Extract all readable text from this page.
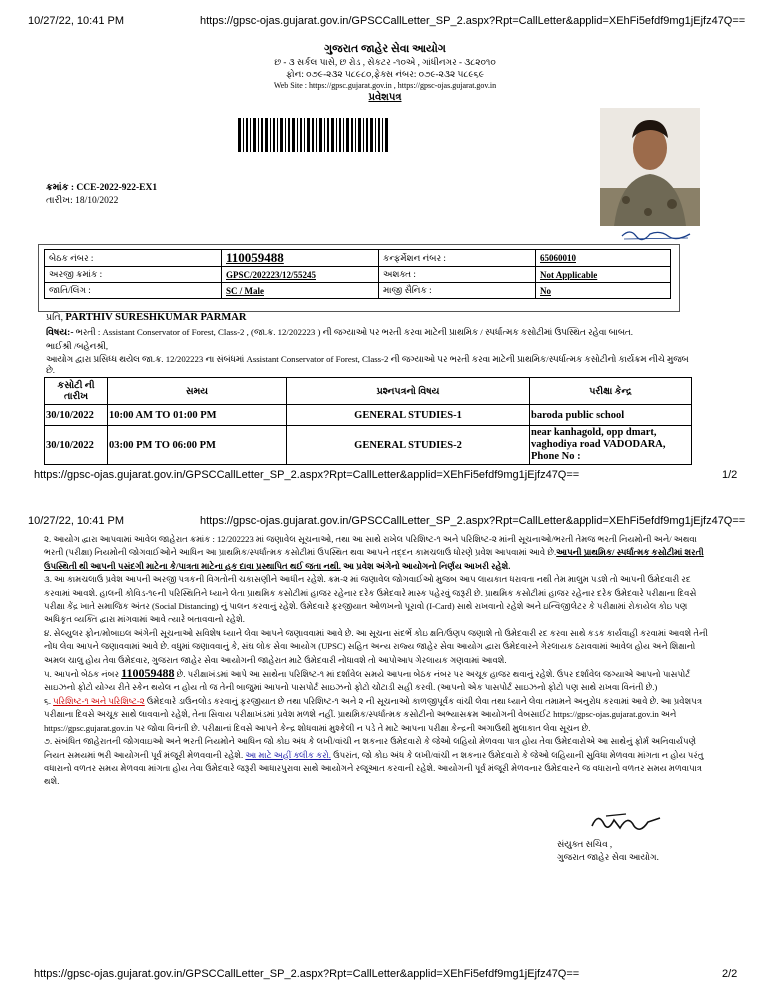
10/27/22, 10:41 PM	https://gpsc-ojas.gujarat.gov.in/GPSCCallLetter_SP_2.aspx?Rpt=CallLetter&applid=XEhFi5efdf9mg1jEjfz47Q==
ગુજરાત જાહેર સેવા આયોગ
છ - ૩ સર્કલ પાસે, છ રોડ , સેકટર -૧૦એ , ગાંધીનગર - ૩૮૨૦૧૦
ફોન: ૦૭૯-૨૩૨ ૫૮૯૮૦,ફેક્સ નંબર: ૦૭૯-૨૩૨ ૫૮૯૬૯
Web Site : https://gpsc.gujarat.gov.in , https://gpsc-ojas.gujarat.gov.in
પ્રવેશપત્ર
ક્રમાંક : CCE-2022-922-EX1
તારીખ: 18/10/2022
બેઠક નંબર :	110059488	કન્ફર્મેશન નંબર :	65060010
અરજી ક્રમાંક :	GPSC/202223/12/55245	અશક્ત :	Not Applicable
જાતિ/લિંગ :	SC / Male	માજી સૈનિક :	No
પ્રતિ, PARTHIV SURESHKUMAR PARMAR
વિષય:- ભરતી : Assistant Conservator of Forest, Class-2 , (જા.ક્ર. 12/202223 ) ની જગ્યાઓ પર ભરતી કરવા માટેની પ્રાથમિક / સ્પર્ધાત્મક કસોટીમાં ઉપસ્થિત રહેવા બાબત.
ભાઈશ્રી /બહેનશ્રી,
આયોગ દ્વારા પ્રસિધ્ધ થયેલ જા.ક્ર. 12/202223 ના સંબંધમાં Assistant Conservator of Forest, Class-2 ની જગ્યાઓ પર ભરતી કરવા માટેની પ્રાથમિક/સ્પર્ધાત્મક કસોટીનો કાર્યક્રમ નીચે મુજબ છે.
કસોટી ની તારીખ	સમય	પ્રશ્નપત્રનો વિષય	પરીક્ષા કેન્દ્ર
30/10/2022	10:00 AM TO 01:00 PM	GENERAL STUDIES-1	baroda public school
30/10/2022	03:00 PM TO 06:00 PM	GENERAL STUDIES-2	near kanhagold, opp dmart, vaghodiya road VADODARA, Phone No :
https://gpsc-ojas.gujarat.gov.in/GPSCCallLetter_SP_2.aspx?Rpt=CallLetter&applid=XEhFi5efdf9mg1jEjfz47Q==	1/2
10/27/22, 10:41 PM	https://gpsc-ojas.gujarat.gov.in/GPSCCallLetter_SP_2.aspx?Rpt=CallLetter&applid=XEhFi5efdf9mg1jEjfz47Q==

૨. આયોગ દ્વારા આપવામાં આવેલ જાહેરાત ક્રમાંક : 12/202223 માં જણાવેલ સૂચનાઓ, તથા આ સાથે રાખેલ પરિશિષ્ટ-૧ અને પરિશિષ્ટ-૨ માંની સૂચનાઓ/ભરતી તેમજ ભરતી નિયમોની અને/ અથવા ભરતી (પરીક્ષા) નિયમોની જોગવાઈઓને આધિન આ પ્રાથમિક/સ્પર્ધાત્મક કસોટીમાં ઉપસ્થિત થવા આપને તદ્દન કામચલાઉ ધોરણે પ્રવેશ આપવામાં આવે છે.આપની પ્રાથમિક/ સ્પર્ધાત્મક કસોટીમાં શરતી ઉપસ્થિતી થી આપની પસંદગી માટેના કે/પાત્રતા માટેના હક દાવા પ્રસ્થાપિત થઈ જતા નથી. આ પ્રવેશ અંગેનો આયોગનો નિર્ણય આખરી રહેશે.

૩. આ કામચલાઉ પ્રવેશ આપની અરજી પત્રકની વિગતોની ચકાસણીને આધીન રહેશે. ક્રમ-૨ માં જણાવેલ જોગવાઈઓ મુજબ આપ લાયકાત ધરાવતા નથી તેમ માલુમ પડશે તો આપની ઉમેદવારી રદ કરવામાં આવશે. હાલની કોવિડ-૧૯ની પરિસ્થિતિને ધ્યાને લેતા પ્રાથમિક કસોટીમાં હાજર રહેનાર દરેક ઉમેદવારે માસ્ક પહેરવું જરૂરી છે. પ્રાથમિક કસોટીમાં હાજર રહેનાર દરેક ઉમેદવારે પરીક્ષાના દિવસે પરીક્ષા કેંદ્ર ખાતે સમાજિક અંતર (Social Distancing) નું પાલન કરવાનું રહેશે. ઉમેદવારે ફરજીયાત ઓળખનો પૂરાવો (I-Card) સાથે રાખવાનો રહેશે અને ઇન્વિજીલેટર કે પરીક્ષામાં રોકાયેલ કોઇ પણ અધિકૃત વ્યક્તિ દ્વારા માંગવામાં આવે ત્યારે બતાવવાનો રહેશે.

૪. સેલ્યુલર ફોન/મોબાઇલ અંગેની સૂચનાઓ સવિશેષ ધ્યાને લેવા આપને જણાવવામાં આવે છે. આ સૂચના સંદર્ભે કોઇ ક્ષતિ/ઉણપ જણાશે તો ઉમેદવારી રદ કરવા સાથે કડક કાર્યવાહી કરવામાં આવશે તેની નોંધ લેવા આપને જણાવવામાં આવે છે. વધુમાં જણાવવાનું કે, સંઘ લોક સેવા આયોગ (UPSC) સહિત અન્ય રાજ્ય જાહેર સેવા આયોગ દ્વારા ઉમેદવારને ગેરલાયક ઠરાવવામાં આવેલ હોય અને શિક્ષાનો અમલ ચાલુ હોય તેવા ઉમેદવાર, ગુજરાત જાહેર સેવા આયોગની જાહેરાત માટે ઉમેદવારી નોંધાવશે તો આપોઆપ ગેરલાયક ગણવામાં આવશે.

૫. આપનો બેઠક નંબર 110059488 છે. પરીક્ષાખંડમાં આપે આ સાથેના પરિશિષ્ટ-૧ માં દર્શાવેલ સમયે આપના બેઠક નંબર પર અચૂક હાજર થવાનું રહેશે. ઉપર દર્શાવેલ જગ્યાએ આપનો પાસપોર્ટ સાઇઝનો ફોટો યોગ્ય રીતે સ્કેન થયેલ ન હોય તો જ તેની બાજુમાં આપનો પાસપોર્ટ સાઇઝનો ફોટો ચોંટાડી સહી કરવી. (આપનો એક પાસપોર્ટ સાઇઝનો ફોટો પણ સાથે રાખવા વિનંતી છે.)

૬. પરિશિષ્ટ-૧ અને પરિશિષ્ટ-૨ ઉમેદવારે ડાઉનલોડ કરવાનું ફરજીયાત છે તથા પરિશિષ્ટ-૧ અને ૨ ની સૂચનાઓ કાળજીપૂર્વક વાંચી લેવા તથા ધ્યાને લેવા તમામને અનુરોધ કરવામાં આવે છે. આ પ્રવેશપત્ર પરીક્ષાના દિવસે અચૂક સાથે લાવવાનો રહેશે, તેના સિવાય પરીક્ષાખંડમાં પ્રવેશ મળશે નહીં. પ્રાથમિક/સ્પર્ધાત્મક કસોટીનો અભ્યાસક્રમ આયોગની વેબસાઈટ https://gpsc-ojas.gujarat.gov.in અને https://gpsc.gujarat.gov.in પર જોવા વિનંતી છે. પરીક્ષાનાં દિવસે આપને કેન્દ્ર શોધવામાં મુશ્કેલી ન પડે તે માટે આપના પરીક્ષા કેન્દ્રની અગાઉથી મુલાકાત લેવા સૂચન છે.

૭. સંબંધિત જાહેરાતની જોગવાઇઓ અને ભરતી નિયમોને આધિન જો કોઇ અંધ કે લખી/વાંચી ન શકનાર ઉમેદવારો કે જેઓ લહિયો મેળવવા પાત્ર હોય તેવા ઉમેદવારોએ આ સાથેનું ફોર્મ અનિવાર્યપણે નિયત સમયમાં ભરી આયોગની પૂર્વ મંજૂરી મેળવવાની રહેશે. આ માટે અહીં ક્લીક કરો. ઉપરાંત, જો કોઇ અંધ કે લખી/વાંચી ન શકનાર ઉમેદવારો કે જેઓ લહિયાની સુવિધા મેળવવા માંગતા ન હોય પરંતુ વધારાનો વળતર સમય મેળવવા માંગતા હોય તેવા ઉમેદવારે જરૂરી આધારપુરાવા સાથે આયોગને રજૂઆત કરવાની રહેશે. આયોગની પૂર્વ મંજૂરી મેળવનાર ઉમેદવારને જ વધારાનો વળતર સમય મળવાપાત્ર થશે.

સંયુક્ત સચિવ ,
ગુજરાત જાહેર સેવા આયોગ.
https://gpsc-ojas.gujarat.gov.in/GPSCCallLetter_SP_2.aspx?Rpt=CallLetter&applid=XEhFi5efdf9mg1jEjfz47Q==	2/2
